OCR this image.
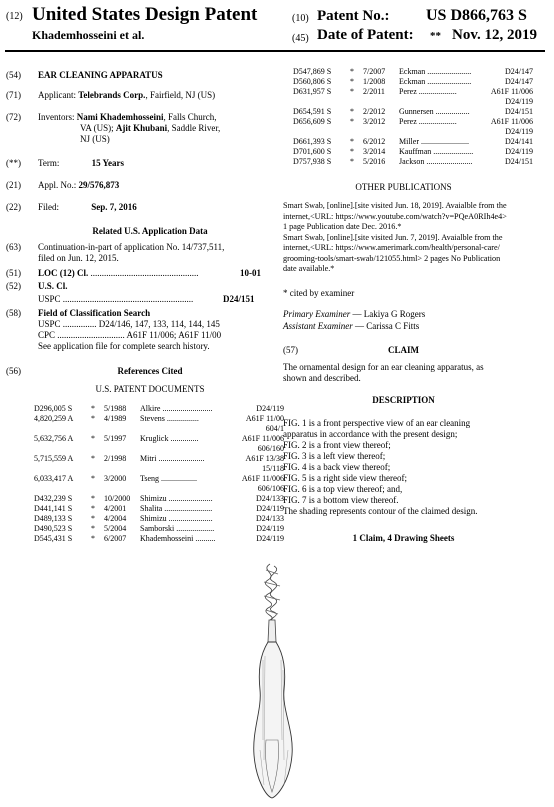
(12) United States Design Patent
Khademhosseini et al.
(10) Patent No.: US D866,763 S
(45) Date of Patent: ** Nov. 12, 2019
(54)	EAR CLEANING APPARATUS
(71)	Applicant: Telebrands Corp., Fairfield, NJ (US)
(72)	Inventors: Nami Khademhosseini, Falls Church,
VA (US); Ajit Khubani, Saddle River,
NJ (US)
(**)	Term:	15 Years
(21)	Appl. No.: 29/576,873
(22)	Filed:	Sep. 7, 2016
Related U.S. Application Data
(63)	Continuation-in-part of application No. 14/737,511,
filed on Jun. 12, 2015.
(51)	LOC (12) Cl. ................................................	10-01
(52)	U.S. Cl.
USPC ..........................................................	D24/151
(58)	Field of Classification Search
USPC ............... D24/146, 147, 133, 114, 144, 145
CPC .............................. A61F 11/006; A61F 11/00
See application file for complete search history.
(56)	References Cited
U.S. PATENT DOCUMENTS
D296,005 S * 5/1988 Alkire .........................	D24/119
4,820,259 A * 4/1989 Stevens ................	A61F 11/00
604/1
5,632,756 A * 5/1997 Kruglick ..............	A61F 11/006
606/160
5,715,559 A * 2/1998 Mitri .......................	A61F 13/38
15/118
6,033,417 A * 3/2000 Tseng ..................	A61F 11/006
606/106
D432,239 S * 10/2000 Shimizu ......................	D24/133
D441,141 S * 4/2001 Shalita ........................	D24/119
D489,133 S * 4/2004 Shimizu ......................	D24/133
D490,523 S * 5/2004 Samborski ...................	D24/119
D545,431 S * 6/2007 Khademhosseini ..........	D24/119
D547,869 S * 7/2007 Eckman ......................	D24/147
D560,806 S * 1/2008 Eckman ......................	D24/147
D631,957 S * 2/2011 Perez ...................	A61F 11/006
D24/119
D654,591 S * 2/2012 Gunnersen .................	D24/151
D656,609 S * 3/2012 Perez ...................	A61F 11/006
D24/119
D661,393 S * 6/2012 Miller ........................	D24/141
D701,600 S * 3/2014 Kauffman ....................	D24/119
D757,938 S * 5/2016 Jackson .......................	D24/151
OTHER PUBLICATIONS
Smart Swab, [online].[site visited Jun. 18, 2019]. Avaialble from the
internet,<URL: https://www.youtube.com/watch?v=PQeA0RIh4e4>
1 page Publication date Dec. 2016.*
Smart Swab, [online].[site visited Jun. 7, 2019]. Avaialble from the
internet,<URL: https://www.amerimark.com/health/personal-care/
grooming-tools/smart-swab/121055.html> 2 pages No Publication
date available.*
* cited by examiner
Primary Examiner — Lakiya G Rogers
Assistant Examiner — Carissa C Fitts
(57)	CLAIM
The ornamental design for an ear cleaning apparatus, as
shown and described.
DESCRIPTION
FIG. 1 is a front perspective view of an ear cleaning
apparatus in accordance with the present design;
FIG. 2 is a front view thereof;
FIG. 3 is a left view thereof;
FIG. 4 is a back view thereof;
FIG. 5 is a right side view thereof;
FIG. 6 is a top view thereof; and,
FIG. 7 is a bottom view thereof.
The shading represents contour of the claimed design.
1 Claim, 4 Drawing Sheets
